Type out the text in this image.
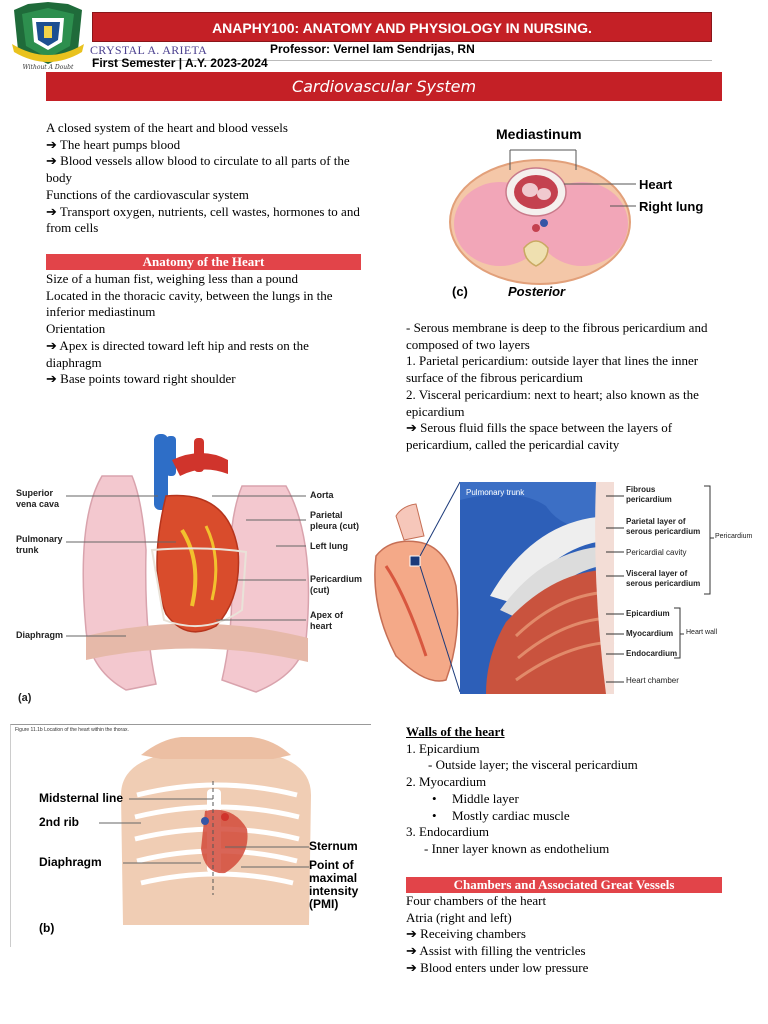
Without A Doubt
ANAPHY100: ANATOMY AND PHYSIOLOGY IN NURSING.
CRYSTAL A. ARIETA	Professor: Vernel Iam Sendrijas, RN
First Semester | A.Y. 2023-2024
Cardiovascular System
A closed system of the heart and blood vessels
➔ The heart pumps blood
➔ Blood vessels allow blood to circulate to all parts of the body
Functions of the cardiovascular system
➔ Transport oxygen, nutrients, cell wastes, hormones to and from cells
Anatomy of the Heart
Size of a human fist, weighing less than a pound
Located in the thoracic cavity, between the lungs in the inferior mediastinum
Orientation
➔ Apex is directed toward left hip and rests on the diaphragm
➔ Base points toward right shoulder
Mediastinum
Heart
Right lung
(c)	Posterior
- Serous membrane is deep to the fibrous pericardium and composed of two layers
1. Parietal pericardium: outside layer that lines the inner surface of the fibrous pericardium
2. Visceral pericardium: next to heart; also known as the epicardium
➔ Serous fluid fills the space between the layers of pericardium, called the pericardial cavity
Superior vena cava
Pulmonary trunk
Diaphragm
Aorta
Parietal pleura (cut)
Left lung
Pericardium (cut)
Apex of heart
(a)
Pulmonary trunk	Fibrous pericardium
Parietal layer of serous pericardium
Pericardial cavity
Visceral layer of serous pericardium
Epicardium
Myocardium
Endocardium
Heart chamber
Pericardium
Heart wall
Figure 11.1b Location of the heart within the thorax.
Midsternal line
2nd rib
Diaphragm
Sternum
Point of maximal intensity (PMI)
(b)
Walls of the heart
1. Epicardium
- Outside layer; the visceral pericardium
2. Myocardium
• Middle layer
• Mostly cardiac muscle
3. Endocardium
- Inner layer known as endothelium
Chambers and Associated Great Vessels
Four chambers of the heart
Atria (right and left)
➔ Receiving chambers
➔ Assist with filling the ventricles
➔ Blood enters under low pressure
